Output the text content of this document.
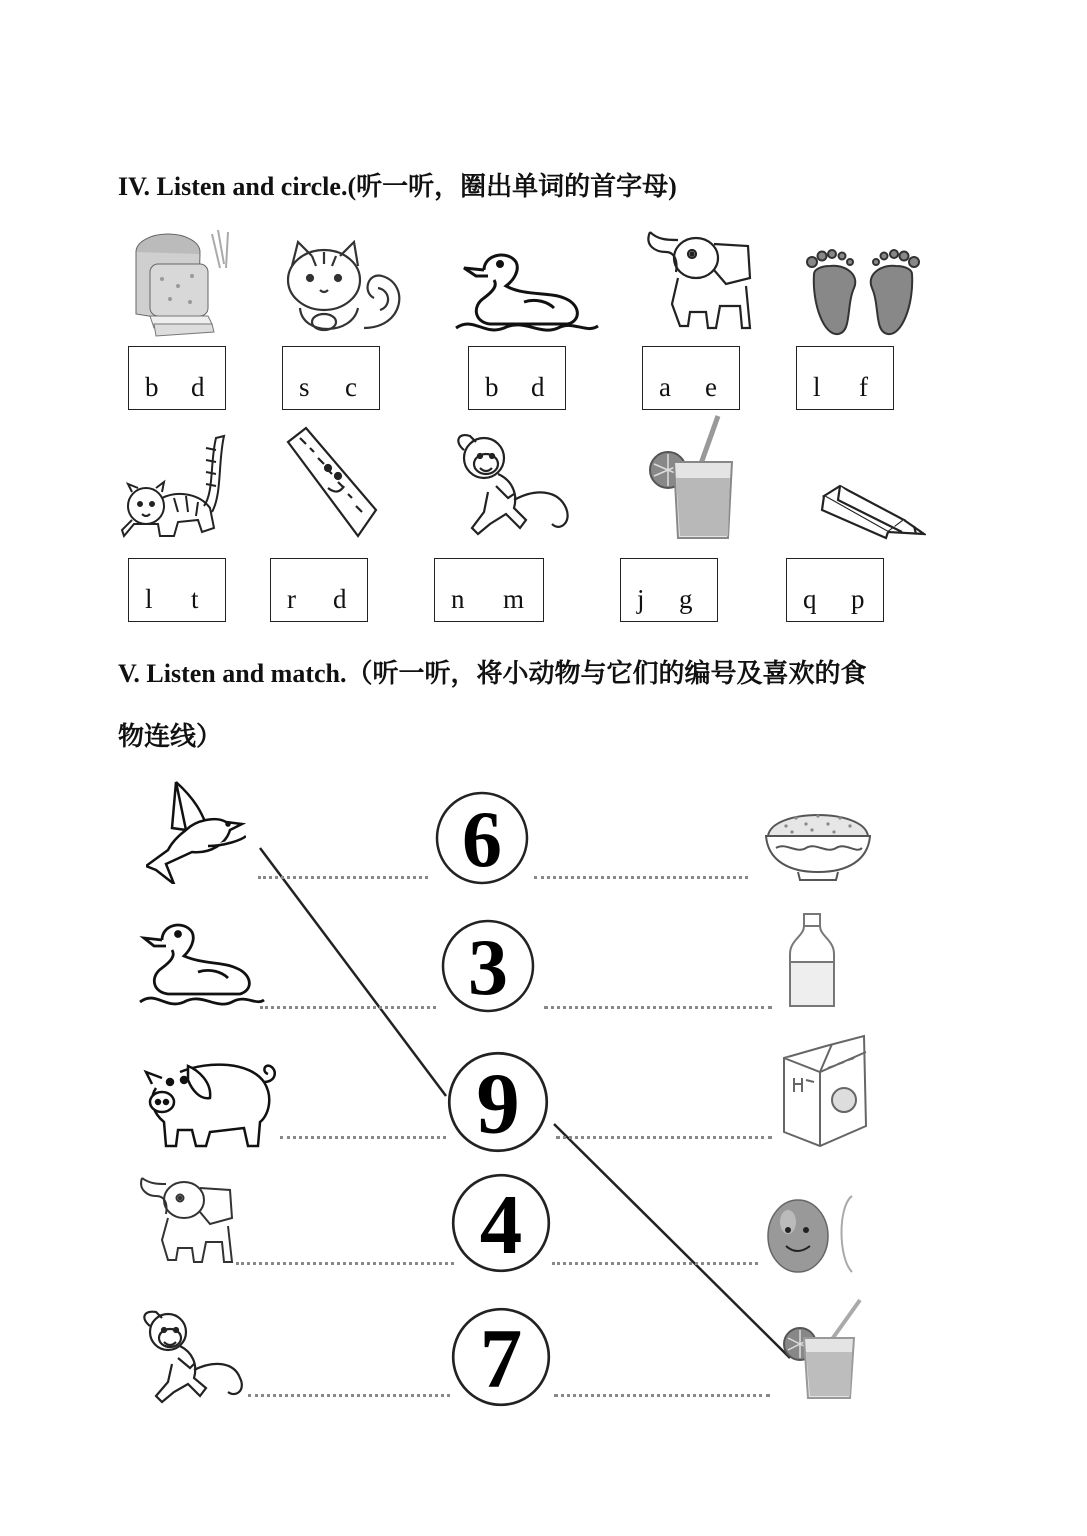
IV. Listen and circle.(听一听，圈出单词的首字母)
b d	s c	b d	a e	l f
l t	r d	n m	j g	q p
V. Listen and match.（听一听，将小动物与它们的编号及喜欢的食
物连线）
6
3
9
4
7
